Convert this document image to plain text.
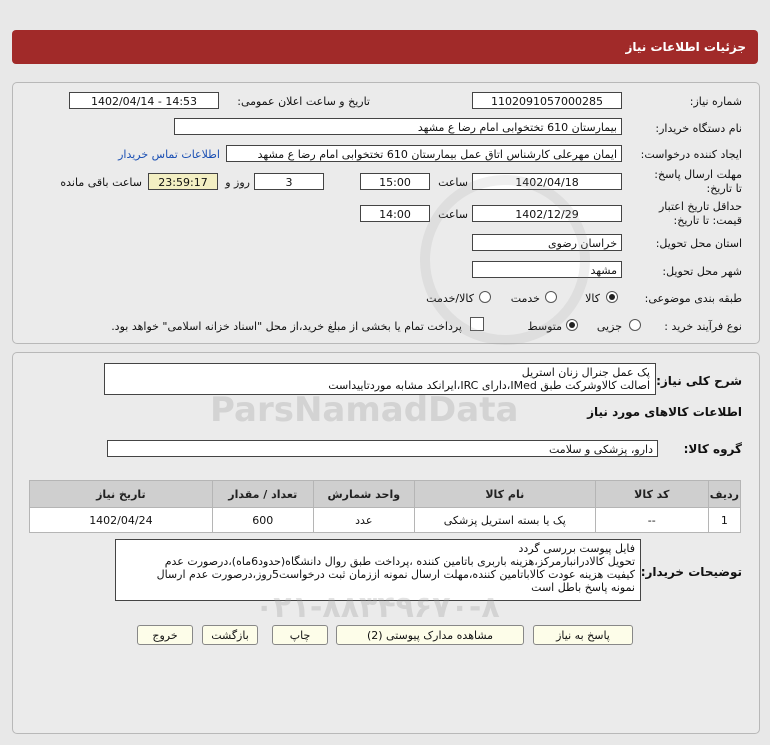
جزئیات اطلاعات نیاز
شماره نیاز:
1102091057000285
تاریخ و ساعت اعلان عمومی:
1402/04/14 - 14:53
نام دستگاه خریدار:
بیمارستان 610 تختخوابی امام رضا ع مشهد
ایجاد کننده درخواست:
ایمان مهرعلی کارشناس اتاق عمل بیمارستان 610 تختخوابی امام رضا ع مشهد
اطلاعات تماس خریدار
مهلت ارسال پاسخ: تا تاریخ:
1402/04/18
ساعت
15:00
3
روز و
23:59:17
ساعت باقی مانده
حداقل تاریخ اعتبار قیمت: تا تاریخ:
1402/12/29
ساعت
14:00
استان محل تحویل:
خراسان رضوی
شهر محل تحویل:
مشهد
طبقه بندی موضوعی:
کالا
خدمت
کالا/خدمت
نوع فرآیند خرید :
جزیی
متوسط
پرداخت تمام یا بخشی از مبلغ خرید،از محل "اسناد خزانه اسلامی" خواهد بود.
شرح کلی نیاز:
پک عمل جنرال زنان استریل
اصالت کالاوشرکت طبق IMed،دارای IRC،ایرانکد مشابه موردتاییداست
اطلاعات کالاهای مورد نیاز
گروه کالا:
دارو، پزشکی و سلامت
ردیف	کد کالا	نام کالا	واحد شمارش	تعداد / مقدار	تاریخ نیاز
1	--	پک یا بسته استریل پزشکی	عدد	600	1402/04/24
توضیحات خریدار:
فایل پیوست بررسی گردد
تحویل کالادرانبارمرکز،هزینه باربری باتامین کننده ،پرداخت طبق روال دانشگاه(حدود6ماه)،درصورت عدم
کیفیت هزینه عودت کالاباتامین کننده،مهلت ارسال نمونه اززمان ثبت درخواست5روز،درصورت عدم ارسال
نمونه پاسخ باطل است
پاسخ به نیاز
مشاهده مدارک پیوستی (2)
چاپ
بازگشت
خروج
ParsNamadData
۰۲۱-۸۸۳۴۹۶۷۰-۸
